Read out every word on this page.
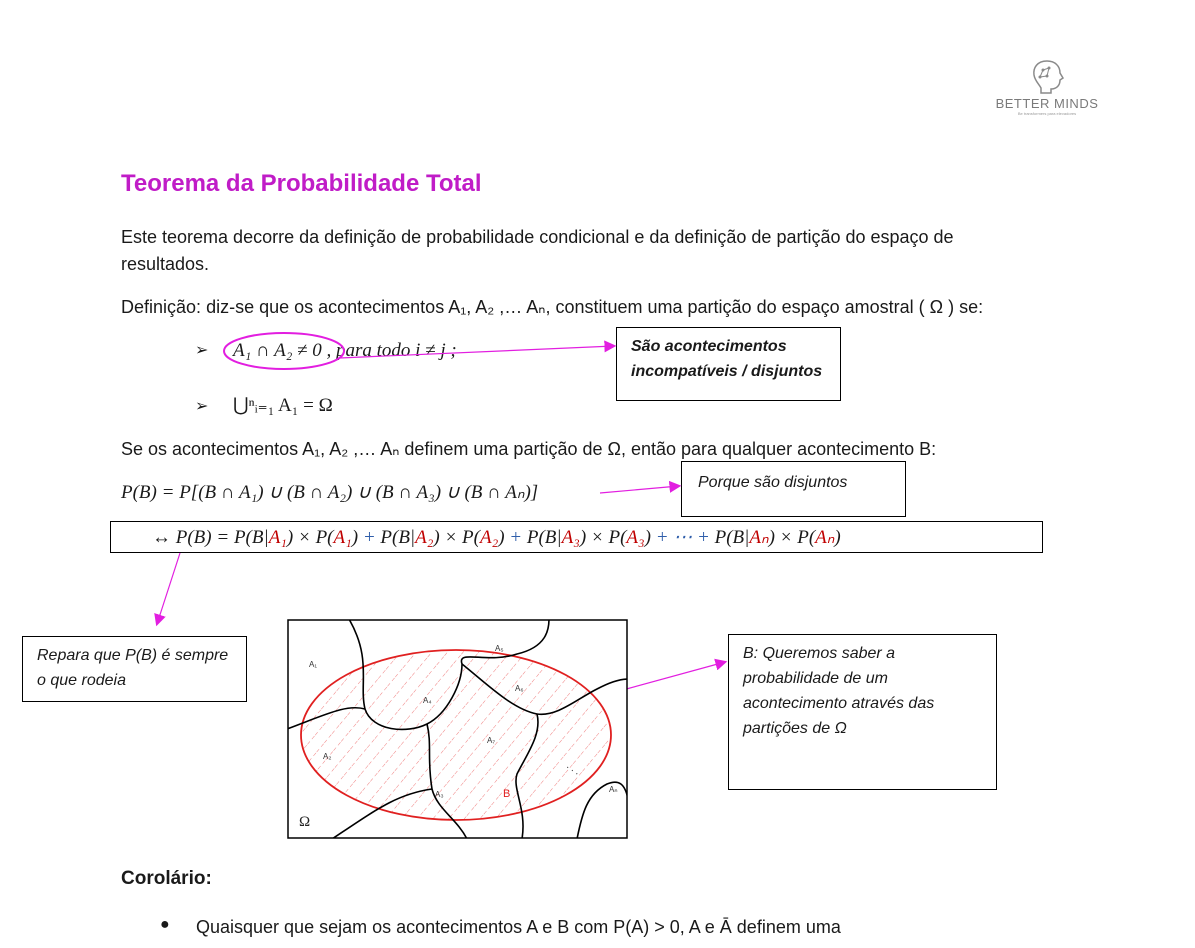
BETTER MINDS
Be transformers para elevadores
Teorema da Probabilidade Total
Este teorema decorre da definição de probabilidade condicional e da definição de partição do espaço de resultados.
Definição: diz-se que os acontecimentos A₁, A₂ ,… Aₙ, constituem uma partição do espaço amostral ( Ω ) se:
➢ A₁ ∩ A₂ ≠ 0 , para todo i ≠ j ;
➢ ⋃ⁿᵢ₌₁ A₁ = Ω
São acontecimentos incompatíveis / disjuntos
Se os acontecimentos A₁, A₂ ,… Aₙ definem uma partição de Ω, então para qualquer acontecimento B:
P(B) = P[(B ∩ A₁) ∪ (B ∩ A₂) ∪ (B ∩ A₃) ∪ (B ∩ Aₙ)]	Porque são disjuntos
↔ P(B) = P(B|A₁) × P(A₁) + P(B|A₂) × P(A₂) + P(B|A₃) × P(A₃) + ⋯ + P(B|Aₙ) × P(Aₙ)
Repara que P(B) é sempre o que rodeia
B: Queremos saber a probabilidade de um acontecimento através das partições de Ω
A₁
A₅
A₆
A₄
A₂
A₇
A₃
Aₙ
B
Ω
. . .
Corolário:
● Quaisquer que sejam os acontecimentos A e B com P(A) > 0, A e Ā definem uma
